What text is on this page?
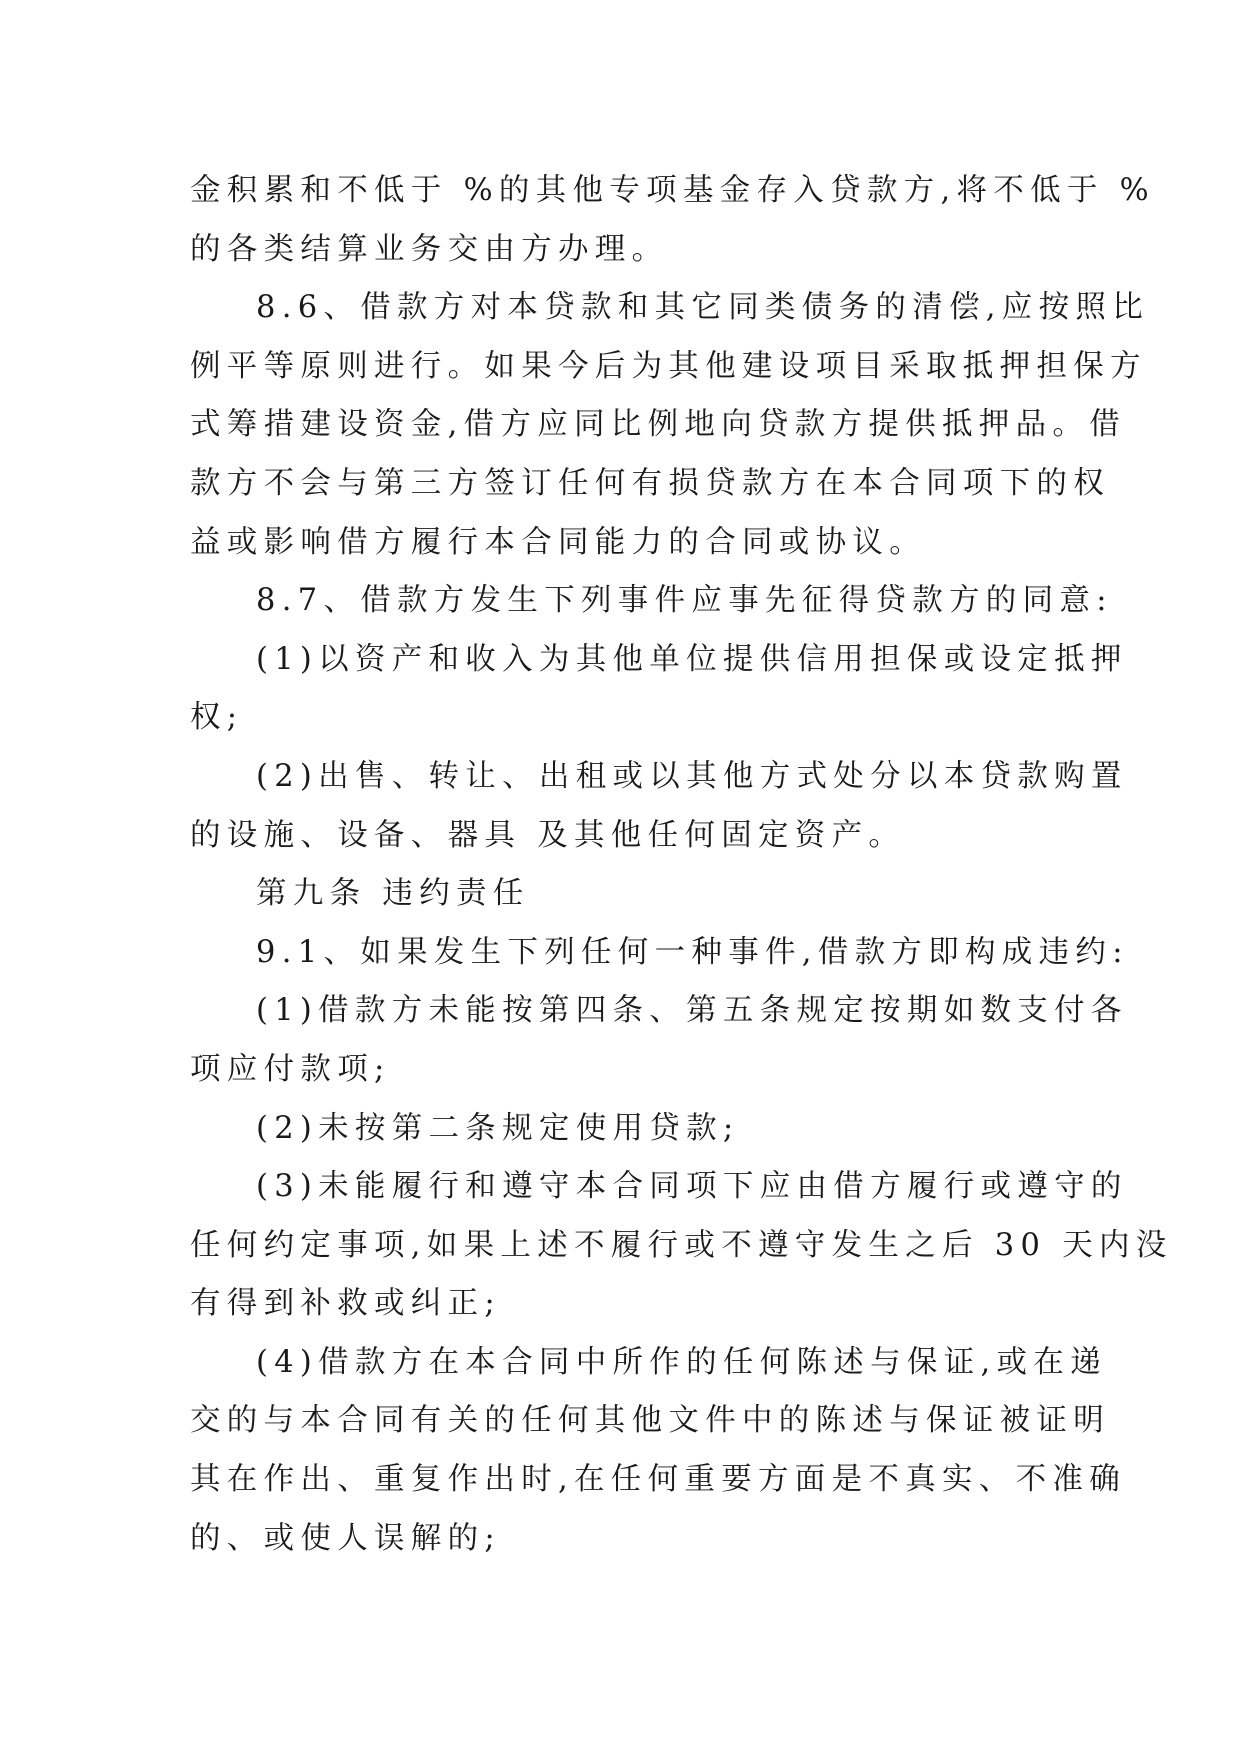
金积累和不低于 %的其他专项基金存入贷款方,将不低于 %
的各类结算业务交由方办理。
8.6、借款方对本贷款和其它同类债务的清偿,应按照比
例平等原则进行。如果今后为其他建设项目采取抵押担保方
式筹措建设资金,借方应同比例地向贷款方提供抵押品。借
款方不会与第三方签订任何有损贷款方在本合同项下的权
益或影响借方履行本合同能力的合同或协议。
8.7、借款方发生下列事件应事先征得贷款方的同意:
(1)以资产和收入为其他单位提供信用担保或设定抵押
权;
(2)出售、转让、出租或以其他方式处分以本贷款购置
的设施、设备、器具 及其他任何固定资产。
第九条 违约责任
9.1、如果发生下列任何一种事件,借款方即构成违约:
(1)借款方未能按第四条、第五条规定按期如数支付各
项应付款项;
(2)未按第二条规定使用贷款;
(3)未能履行和遵守本合同项下应由借方履行或遵守的
任何约定事项,如果上述不履行或不遵守发生之后 30 天内没
有得到补救或纠正;
(4)借款方在本合同中所作的任何陈述与保证,或在递
交的与本合同有关的任何其他文件中的陈述与保证被证明
其在作出、重复作出时,在任何重要方面是不真实、不准确
的、或使人误解的;
